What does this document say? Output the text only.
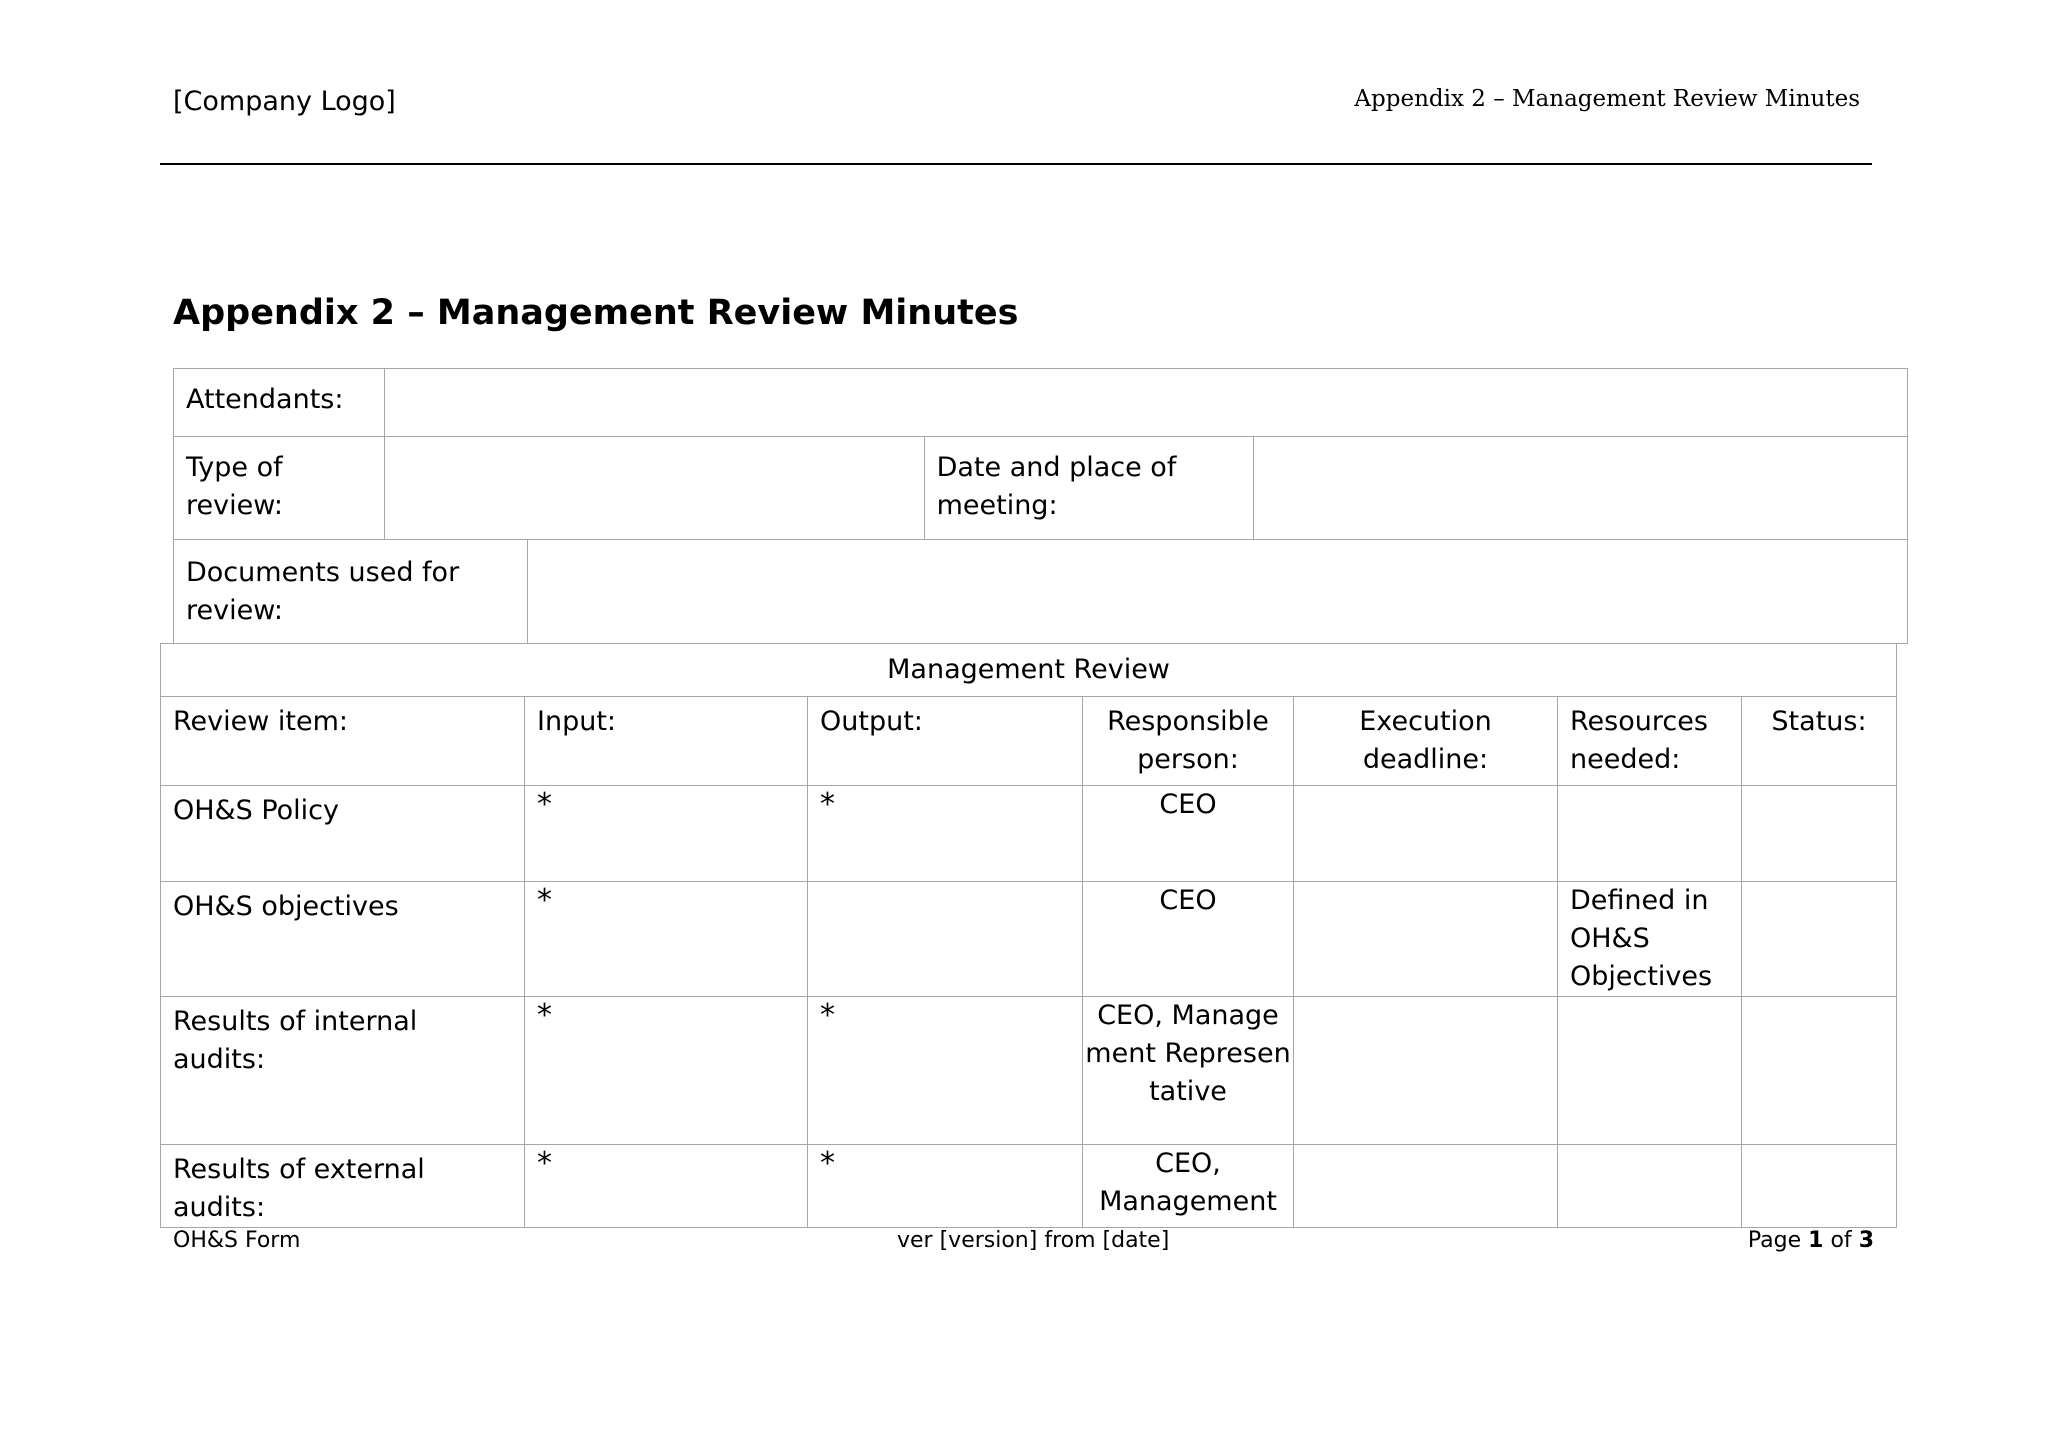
[Company Logo]	Appendix 2 – Management Review Minutes
Appendix 2 – Management Review Minutes
Attendants:			
Type of review:		Date and place of meeting:	
Documents used for review:	
Management Review						
Review item:	Input:	Output:	Responsible person:	Execution deadline:	Resources needed:	Status:
OH&S Policy	*	*	CEO			
OH&S objectives	*		CEO		Defined in OH&S Objectives	
Results of internal audits:	*	*	CEO, Management Representative			
Results of external audits:	*	*	CEO, Management			
OH&S Form	ver [version] from [date]	Page 1 of 3
